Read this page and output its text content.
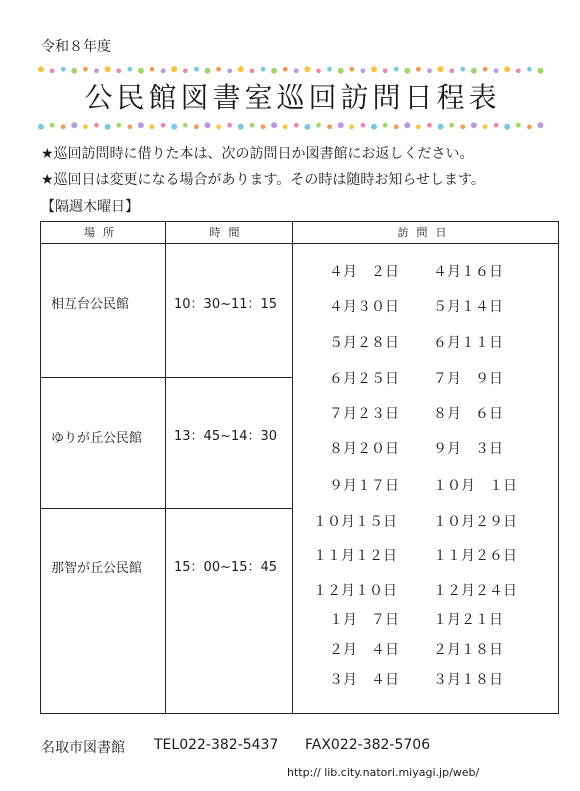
令和８年度
公民館図書室巡回訪問日程表
★巡回訪問時に借りた本は、次の訪問日か図書館にお返しください。
★巡回日は変更になる場合があります。その時は随時お知らせします。
【隔週木曜日】
場所	時間	訪問日
相互台公民館	10：30~11：15
ゆりが丘公民館 13：45~14：30
那智が丘公民館 15：00~15：45
４月　２日 ４月１６日
４月３０日 ５月１４日
５月２８日 ６月１１日
６月２５日 ７月　９日
７月２３日 ８月　６日
８月２０日 ９月　３日
９月１７日 １０月　１日
１０月１５日	１０月２９日
１１月１２日	１１月２６日
１２月１０日	１２月２４日
１月　７日 １月２１日
２月　４日 ２月１８日
３月　４日 ３月１８日
名取市図書館 TEL022-382-5437 FAX022-382-5706
http:// lib.city.natori.miyagi.jp/web/
